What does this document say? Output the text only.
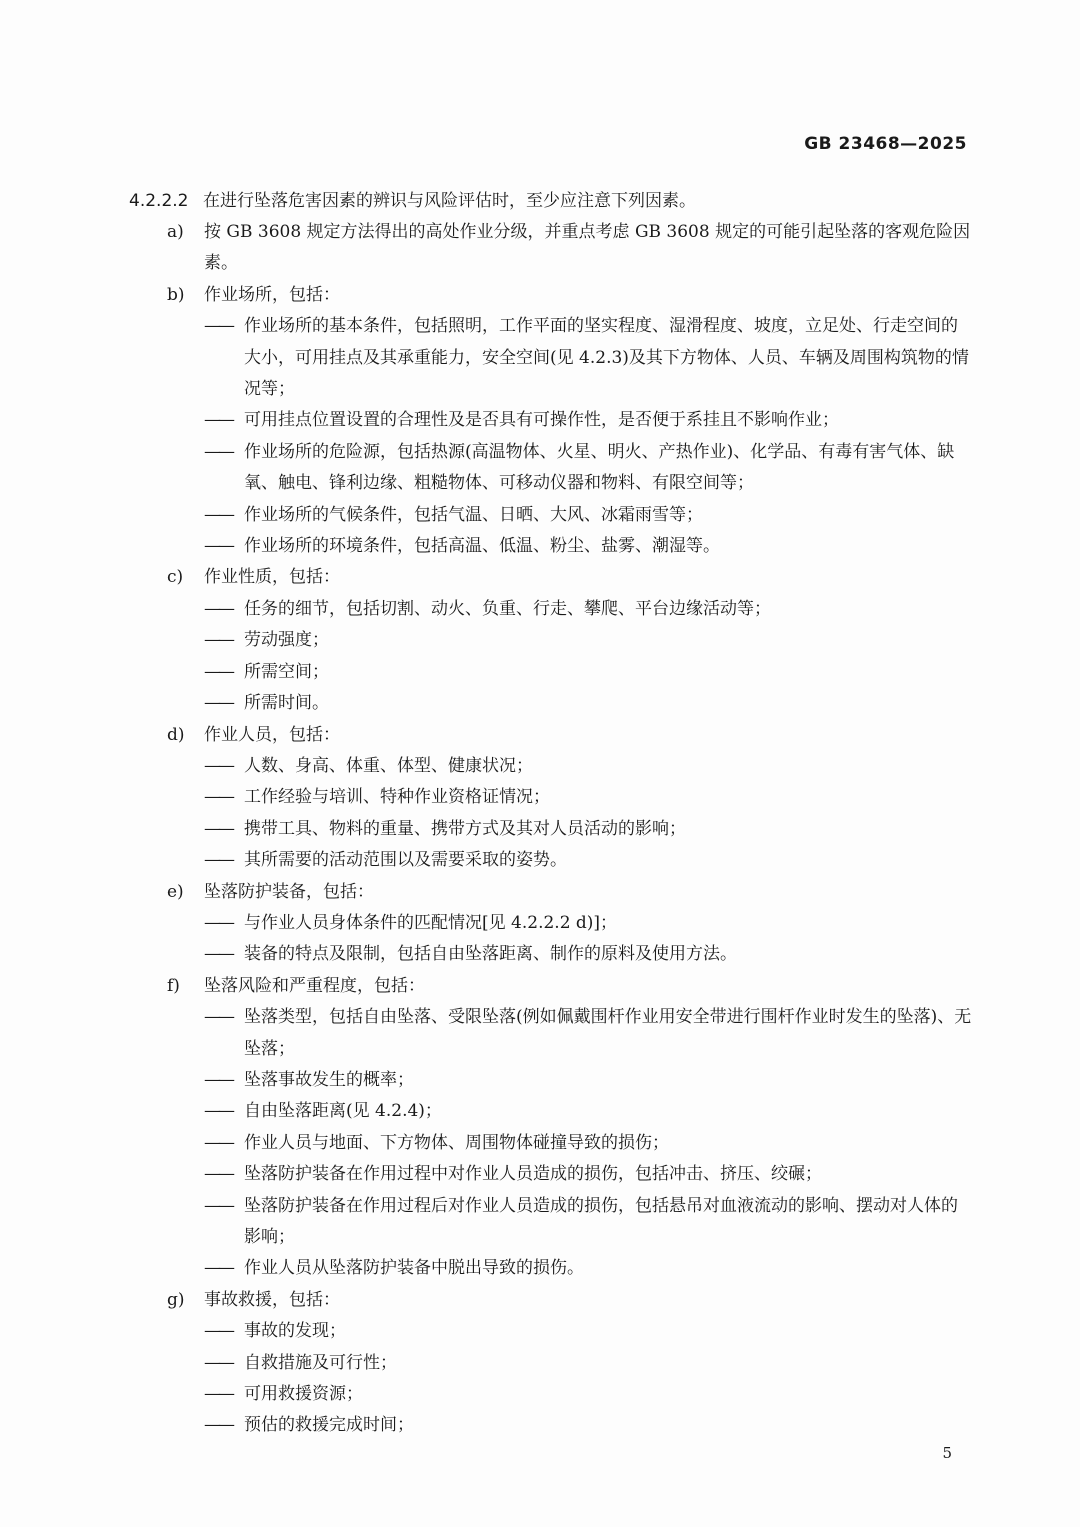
GB 23468—2025
4.2.2.2 在进行坠落危害因素的辨识与风险评估时，至少应注意下列因素。
a)	按 GB 3608 规定方法得出的高处作业分级，并重点考虑 GB 3608 规定的可能引起坠落的客观危险因素。
b)	作业场所，包括：
—— 作业场所的基本条件，包括照明，工作平面的坚实程度、湿滑程度、坡度，立足处、行走空间的大小，可用挂点及其承重能力，安全空间(见 4.2.3)及其下方物体、人员、车辆及周围构筑物的情况等；
—— 可用挂点位置设置的合理性及是否具有可操作性，是否便于系挂且不影响作业；
—— 作业场所的危险源，包括热源(高温物体、火星、明火、产热作业)、化学品、有毒有害气体、缺氧、触电、锋利边缘、粗糙物体、可移动仪器和物料、有限空间等；
—— 作业场所的气候条件，包括气温、日晒、大风、冰霜雨雪等；
—— 作业场所的环境条件，包括高温、低温、粉尘、盐雾、潮湿等。
c)	作业性质，包括：
—— 任务的细节，包括切割、动火、负重、行走、攀爬、平台边缘活动等；
—— 劳动强度；
—— 所需空间；
—— 所需时间。
d)	作业人员，包括：
—— 人数、身高、体重、体型、健康状况；
—— 工作经验与培训、特种作业资格证情况；
—— 携带工具、物料的重量、携带方式及其对人员活动的影响；
—— 其所需要的活动范围以及需要采取的姿势。
e)	坠落防护装备，包括：
—— 与作业人员身体条件的匹配情况[见 4.2.2.2 d)]；
—— 装备的特点及限制，包括自由坠落距离、制作的原料及使用方法。
f)	坠落风险和严重程度，包括：
—— 坠落类型，包括自由坠落、受限坠落(例如佩戴围杆作业用安全带进行围杆作业时发生的坠落)、无坠落；
—— 坠落事故发生的概率；
—— 自由坠落距离(见 4.2.4)；
—— 作业人员与地面、下方物体、周围物体碰撞导致的损伤；
—— 坠落防护装备在作用过程中对作业人员造成的损伤，包括冲击、挤压、绞碾；
—— 坠落防护装备在作用过程后对作业人员造成的损伤，包括悬吊对血液流动的影响、摆动对人体的影响；
—— 作业人员从坠落防护装备中脱出导致的损伤。
g)	事故救援，包括：
—— 事故的发现；
—— 自救措施及可行性；
—— 可用救援资源；
—— 预估的救援完成时间；
5
